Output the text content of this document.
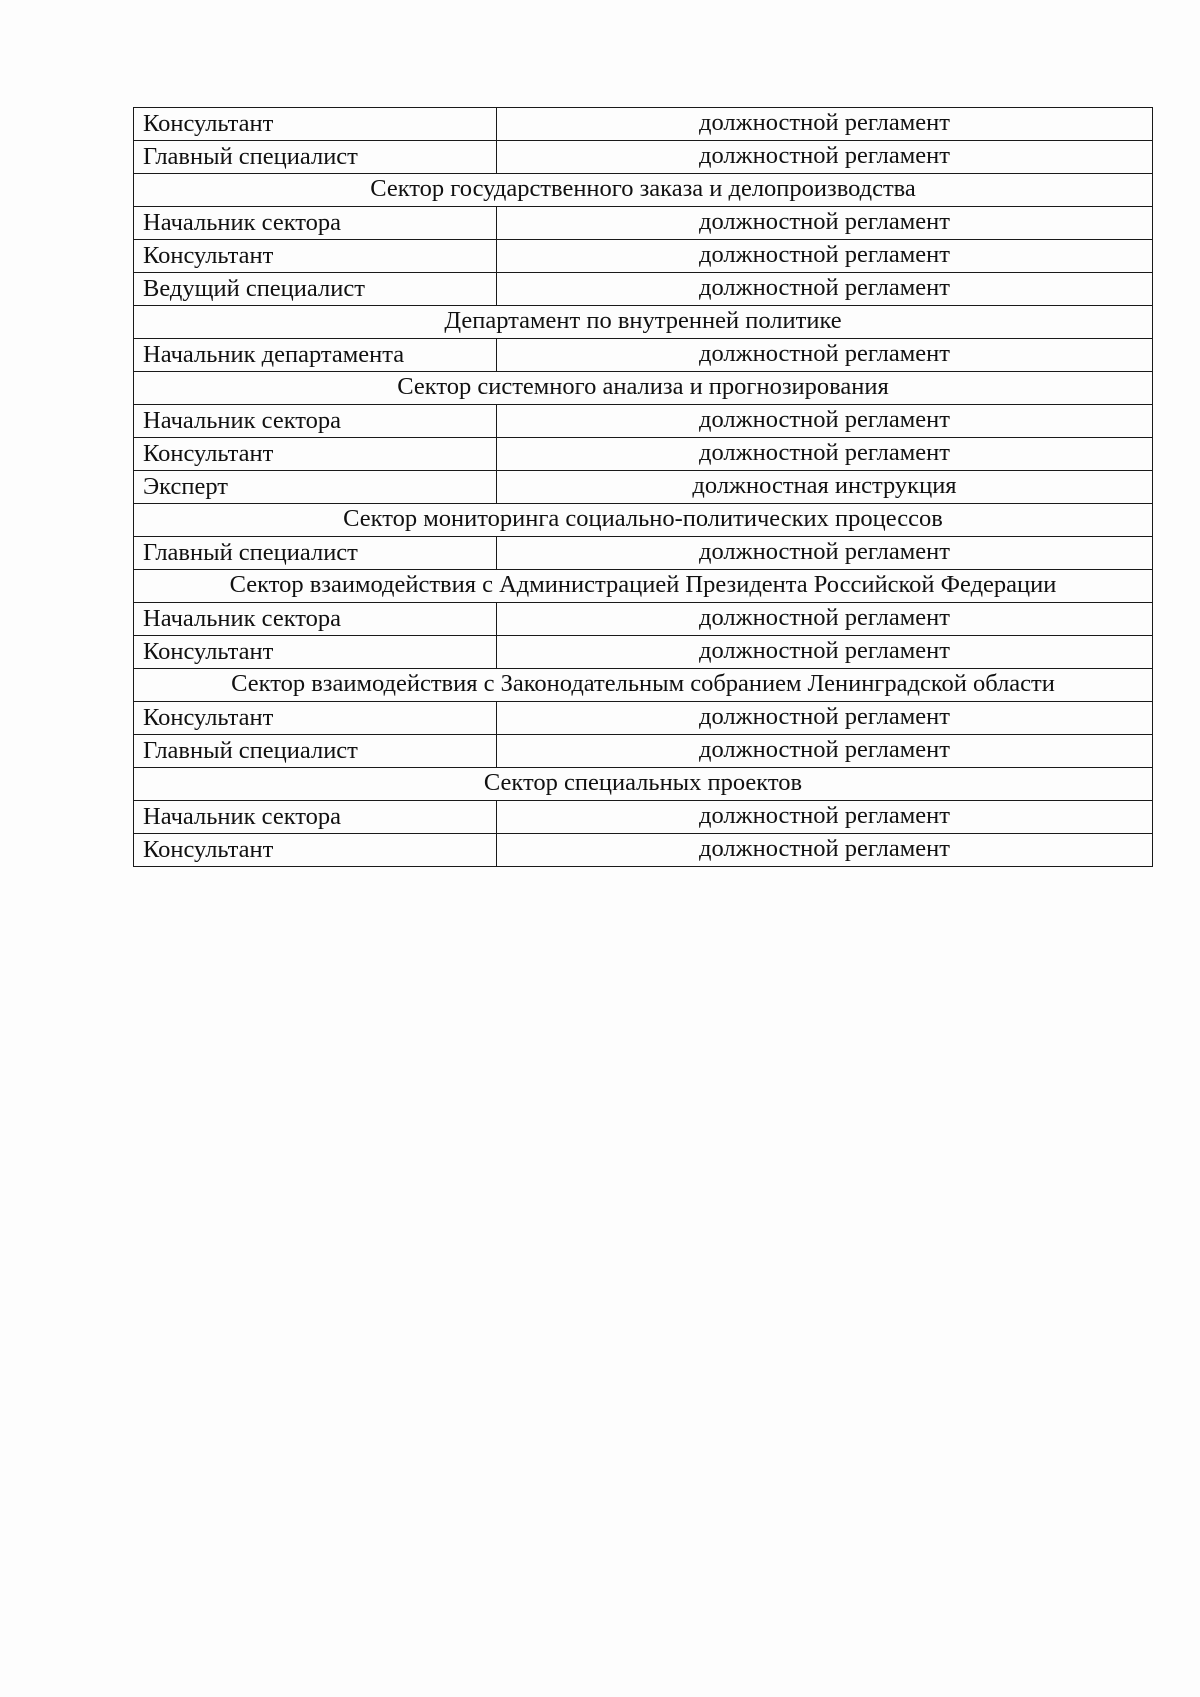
Консультант	должностной регламент
Главный специалист	должностной регламент
Сектор государственного заказа и делопроизводства	
Начальник сектора	должностной регламент
Консультант	должностной регламент
Ведущий специалист	должностной регламент
Департамент по внутренней политике	
Начальник департамента	должностной регламент
Сектор системного анализа и прогнозирования	
Начальник сектора	должностной регламент
Консультант	должностной регламент
Эксперт	должностная инструкция
Сектор мониторинга социально-политических процессов	
Главный специалист	должностной регламент
Сектор взаимодействия с Администрацией Президента Российской Федерации	
Начальник сектора	должностной регламент
Консультант	должностной регламент
Сектор взаимодействия с Законодательным собранием Ленинградской области	
Консультант	должностной регламент
Главный специалист	должностной регламент
Сектор специальных проектов	
Начальник сектора	должностной регламент
Консультант	должностной регламент
